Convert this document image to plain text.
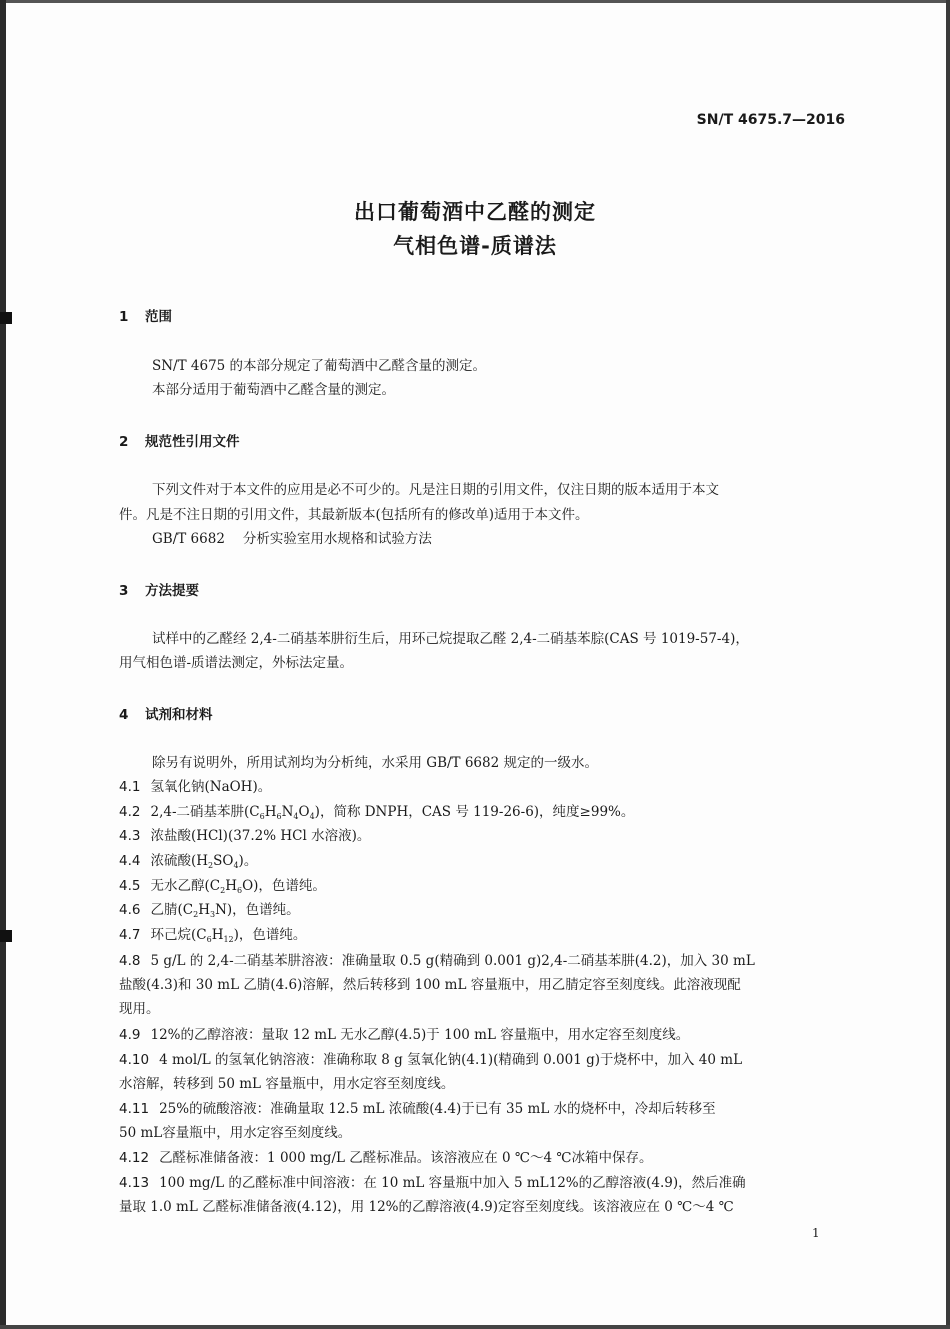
SN/T 4675.7—2016
出口葡萄酒中乙醛的测定
气相色谱-质谱法
1 范围
SN/T 4675 的本部分规定了葡萄酒中乙醛含量的测定。
本部分适用于葡萄酒中乙醛含量的测定。
2 规范性引用文件
下列文件对于本文件的应用是必不可少的。凡是注日期的引用文件，仅注日期的版本适用于本文
件。凡是不注日期的引用文件，其最新版本(包括所有的修改单)适用于本文件。
GB/T 6682 分析实验室用水规格和试验方法
3 方法提要
试样中的乙醛经 2,4-二硝基苯肼衍生后，用环己烷提取乙醛 2,4-二硝基苯腙(CAS 号 1019-57-4)，
用气相色谱-质谱法测定，外标法定量。
4 试剂和材料
除另有说明外，所用试剂均为分析纯，水采用 GB/T 6682 规定的一级水。
4.1 氢氧化钠(NaOH)。
4.2 2,4-二硝基苯肼$(C_6H_6N_4O_4)$，简称 DNPH，CAS 号 119-26-6)，纯度≥99%。
4.3 浓盐酸(HCl)(37.2% HCl 水溶液)。
4.4 浓硫酸$(H_2SO_4)$。
4.5 无水乙醇$(C_2H_6O)$，色谱纯。
4.6 乙腈$(C_2H_3N)$，色谱纯。
4.7 环己烷$(C_6H_{12})$，色谱纯。
4.8 5 g/L 的 2,4-二硝基苯肼溶液：准确量取 0.5 g(精确到 0.001 g)2,4-二硝基苯肼(4.2)，加入 30 mL
盐酸(4.3)和 30 mL 乙腈(4.6)溶解，然后转移到 100 mL 容量瓶中，用乙腈定容至刻度线。此溶液现配
现用。
4.9 12%的乙醇溶液：量取 12 mL 无水乙醇(4.5)于 100 mL 容量瓶中，用水定容至刻度线。
4.10 4 mol/L 的氢氧化钠溶液：准确称取 8 g 氢氧化钠(4.1)(精确到 0.001 g)于烧杯中，加入 40 mL
水溶解，转移到 50 mL 容量瓶中，用水定容至刻度线。
4.11 25%的硫酸溶液：准确量取 12.5 mL 浓硫酸(4.4)于已有 35 mL 水的烧杯中，冷却后转移至
50 mL容量瓶中，用水定容至刻度线。
4.12 乙醛标准储备液：1 000 mg/L 乙醛标准品。该溶液应在 0 ℃～4 ℃冰箱中保存。
4.13 100 mg/L 的乙醛标准中间溶液：在 10 mL 容量瓶中加入 5 mL12%的乙醇溶液(4.9)，然后准确
量取 1.0 mL 乙醛标准储备液(4.12)，用 12%的乙醇溶液(4.9)定容至刻度线。该溶液应在 0 ℃～4 ℃
1
